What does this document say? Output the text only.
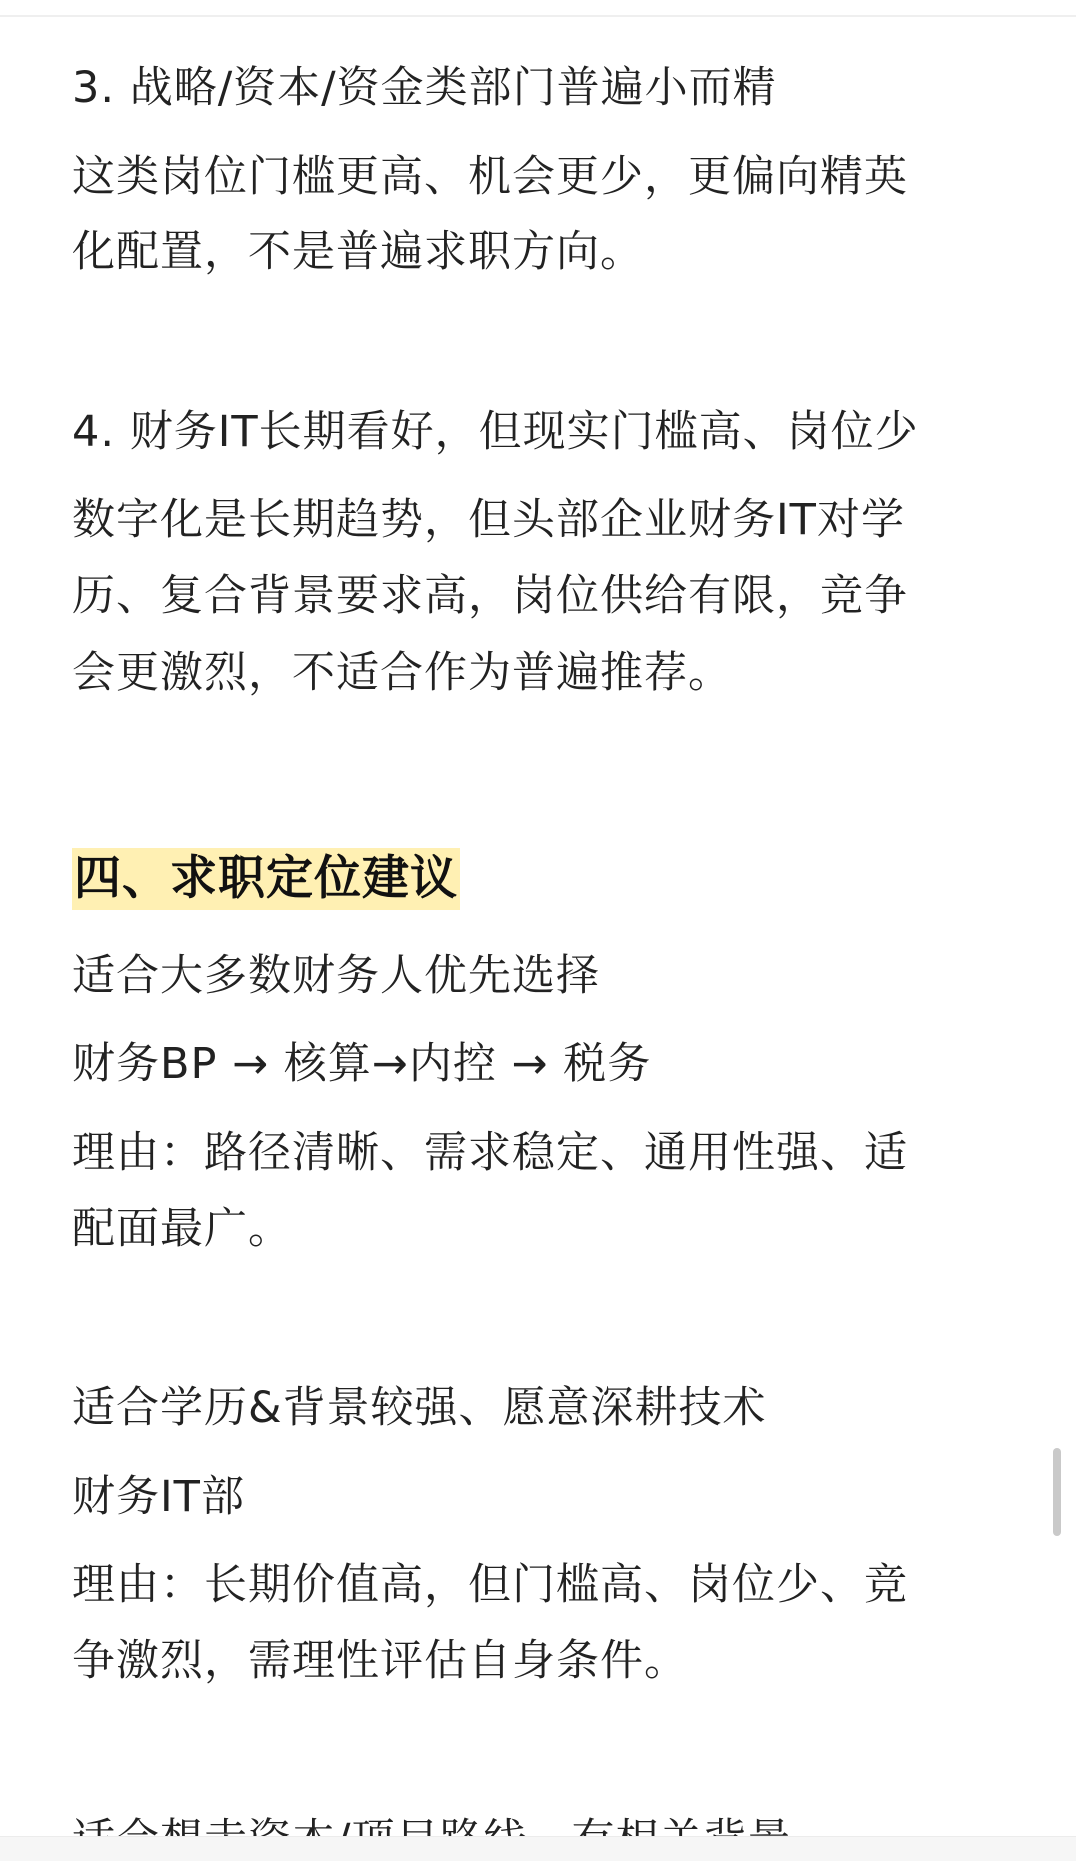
3. 战略/资本/资金类部门普遍小而精
这类岗位门槛更高、机会更少，更偏向精英
化配置，不是普遍求职方向。
4. 财务IT长期看好，但现实门槛高、岗位少
数字化是长期趋势，但头部企业财务IT对学
历、复合背景要求高，岗位供给有限，竞争
会更激烈，不适合作为普遍推荐。
四、求职定位建议
适合大多数财务人优先选择
财务BP → 核算→内控 → 税务
理由：路径清晰、需求稳定、通用性强、适
配面最广。
适合学历&背景较强、愿意深耕技术
财务IT部
理由：长期价值高，但门槛高、岗位少、竞
争激烈，需理性评估自身条件。
